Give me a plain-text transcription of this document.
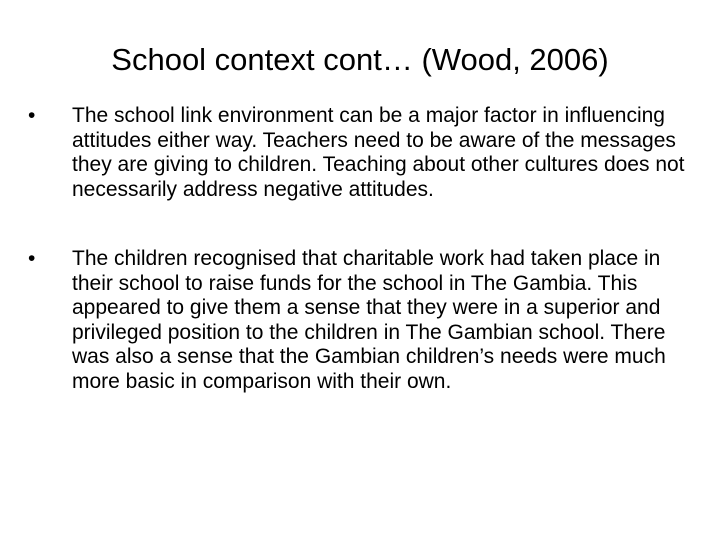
School context cont… (Wood, 2006)
•	The school link environment can be a major factor in influencing attitudes either way. Teachers need to be aware of the messages they are giving to children. Teaching about other cultures does not necessarily address negative attitudes.
•	The children recognised that charitable work had taken place in their school to raise funds for the school in The Gambia. This appeared to give them a sense that they were in a superior and privileged position to the children in The Gambian school. There was also a sense that the Gambian children’s needs were much more basic in comparison with their own.
